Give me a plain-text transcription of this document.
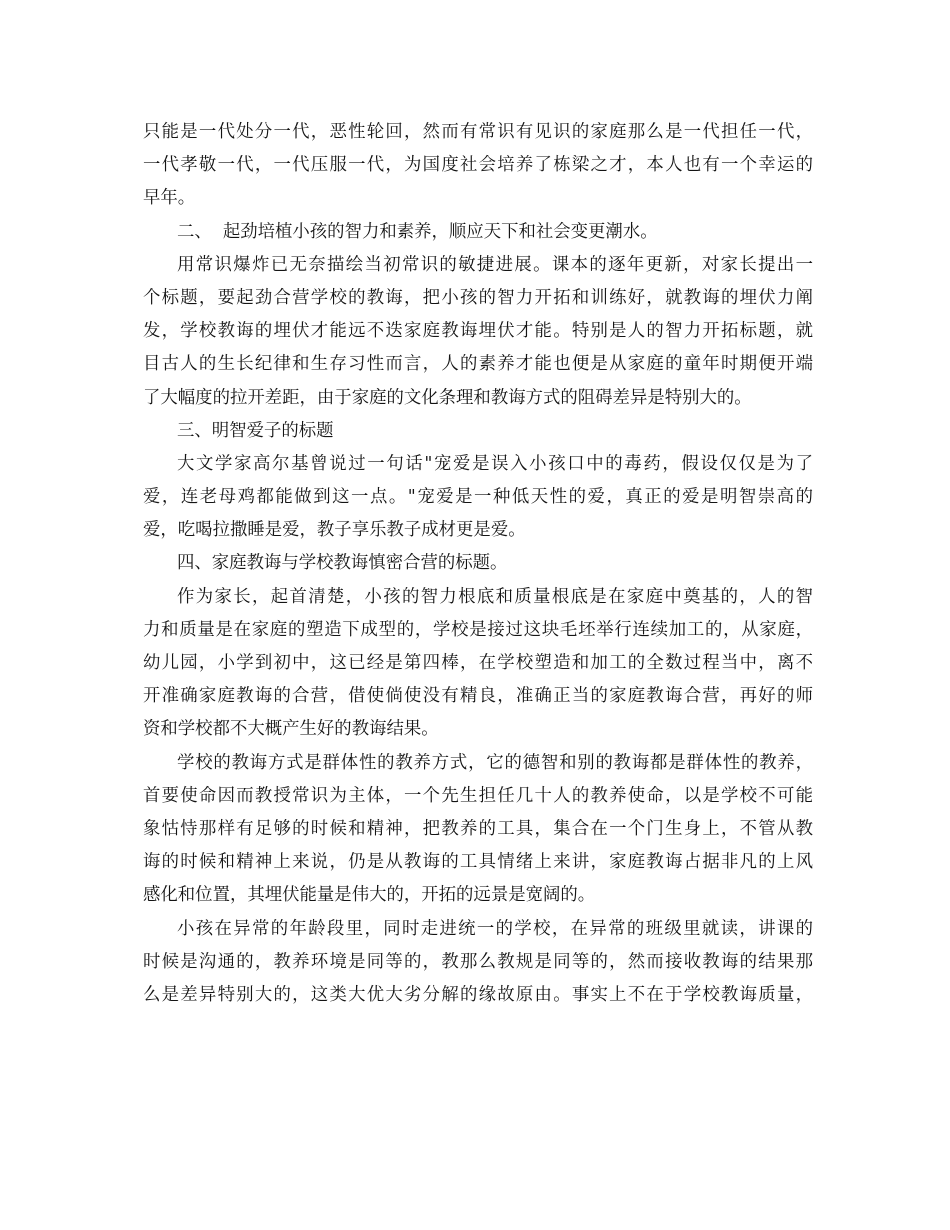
只能是一代处分一代，恶性轮回，然而有常识有见识的家庭那么是一代担任一代，
一代孝敬一代，一代压服一代，为国度社会培养了栋梁之才，本人也有一个幸运的
早年。
二、  起劲培植小孩的智力和素养，顺应天下和社会变更潮水。
用常识爆炸已无奈描绘当初常识的敏捷进展。课本的逐年更新，对家长提出一
个标题，要起劲合营学校的教诲，把小孩的智力开拓和训练好，就教诲的埋伏力阐
发，学校教诲的埋伏才能远不迭家庭教诲埋伏才能。特别是人的智力开拓标题，就
目古人的生长纪律和生存习性而言，人的素养才能也便是从家庭的童年时期便开端
了大幅度的拉开差距，由于家庭的文化条理和教诲方式的阻碍差异是特别大的。
三、明智爱子的标题
大文学家高尔基曾说过一句话"宠爱是误入小孩口中的毒药，假设仅仅是为了
爱，连老母鸡都能做到这一点。"宠爱是一种低天性的爱，真正的爱是明智崇高的
爱，吃喝拉撒睡是爱，教子享乐教子成材更是爱。
四、家庭教诲与学校教诲慎密合营的标题。
作为家长，起首清楚，小孩的智力根底和质量根底是在家庭中奠基的，人的智
力和质量是在家庭的塑造下成型的，学校是接过这块毛坯举行连续加工的，从家庭，
幼儿园，小学到初中，这已经是第四棒，在学校塑造和加工的全数过程当中，离不
开准确家庭教诲的合营，借使倘使没有精良，准确正当的家庭教诲合营，再好的师
资和学校都不大概产生好的教诲结果。
学校的教诲方式是群体性的教养方式，它的德智和别的教诲都是群体性的教养，
首要使命因而教授常识为主体，一个先生担任几十人的教养使命，以是学校不可能
象怙恃那样有足够的时候和精神，把教养的工具，集合在一个门生身上，不管从教
诲的时候和精神上来说，仍是从教诲的工具情绪上来讲，家庭教诲占据非凡的上风
感化和位置，其埋伏能量是伟大的，开拓的远景是宽阔的。
小孩在异常的年龄段里，同时走进统一的学校，在异常的班级里就读，讲课的
时候是沟通的，教养环境是同等的，教那么教规是同等的，然而接收教诲的结果那
么是差异特别大的，这类大优大劣分解的缘故原由。事实上不在于学校教诲质量，
